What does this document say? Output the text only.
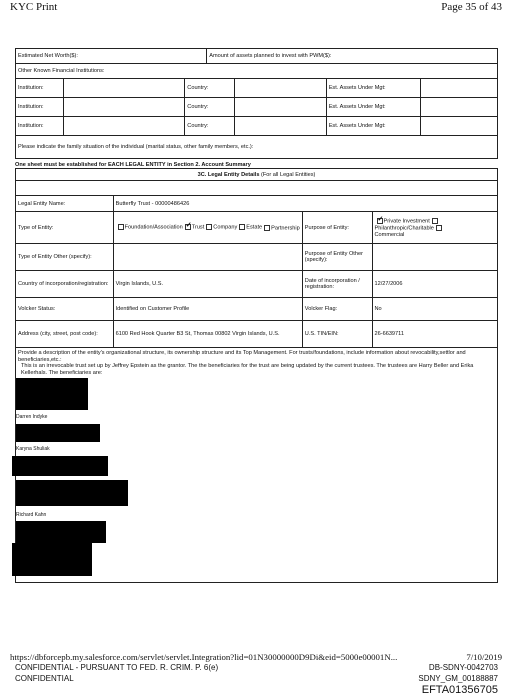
KYC Print	Page 35 of 43
Estimated Net Worth($):	Amount of assets planned to invest with PWM($):
Other Known Financial Institutions:
Institution:	Country:	Est. Assets Under Mgt:
Institution:	Country:	Est. Assets Under Mgt:
Institution:	Country:	Est. Assets Under Mgt:
Please indicate the family situation of the individual (marital status, other family members, etc.):
One sheet must be established for EACH LEGAL ENTITY in Section 2. Account Summary
3C. Legal Entity Details
(For all Legal Entities)
Legal Entity Name:	Butterfly Trust - 00000486426
Type of Entity:	Foundation/Association
✓	Trust	Company	Estate	Partnership Purpose of Entity:
✓Private Investment
Philanthropic/Charitable
Commercial
Type of Entity Other (specify):
Purpose of Entity Other (specify):
Country of incorporation/registration:	Virgin Islands, U.S.
Date of incorporation / registration:
12/27/2006
Volcker Status:	Identified on Customer Profile	Volcker Flag:	No
Address (city, street, post code):	6100 Red Hook Quarter B3 St, Thomas 00802 Virgin Islands, U.S.	U.S. TIN/EIN:	26-6639711
Provide a description of the entity's organizational structure, its ownership structure and its Top Management. For trusts/foundations, include information about revocability,settlor and beneficiaries,etc.:
This is an irrevocable trust set up by Jeffrey Epstein as the grantor. The the beneficiaries for the trust are being updated by the current trustees. The trustees are Harry Beller and Erika Kellerhals. The beneficiaries are:
Darren Indyke
Karyna Shuliak
Richard Kahn
https://dbforcepb.my.salesforce.com/servlet/servlet.Integration?lid=01N30000000D9Di&eid=5000e00001N...	7/10/2019
CONFIDENTIAL - PURSUANT TO FED. R. CRIM. P. 6(e)	DB-SDNY-0042703
CONFIDENTIAL	SDNY_GM_00188887
EFTA01356705
